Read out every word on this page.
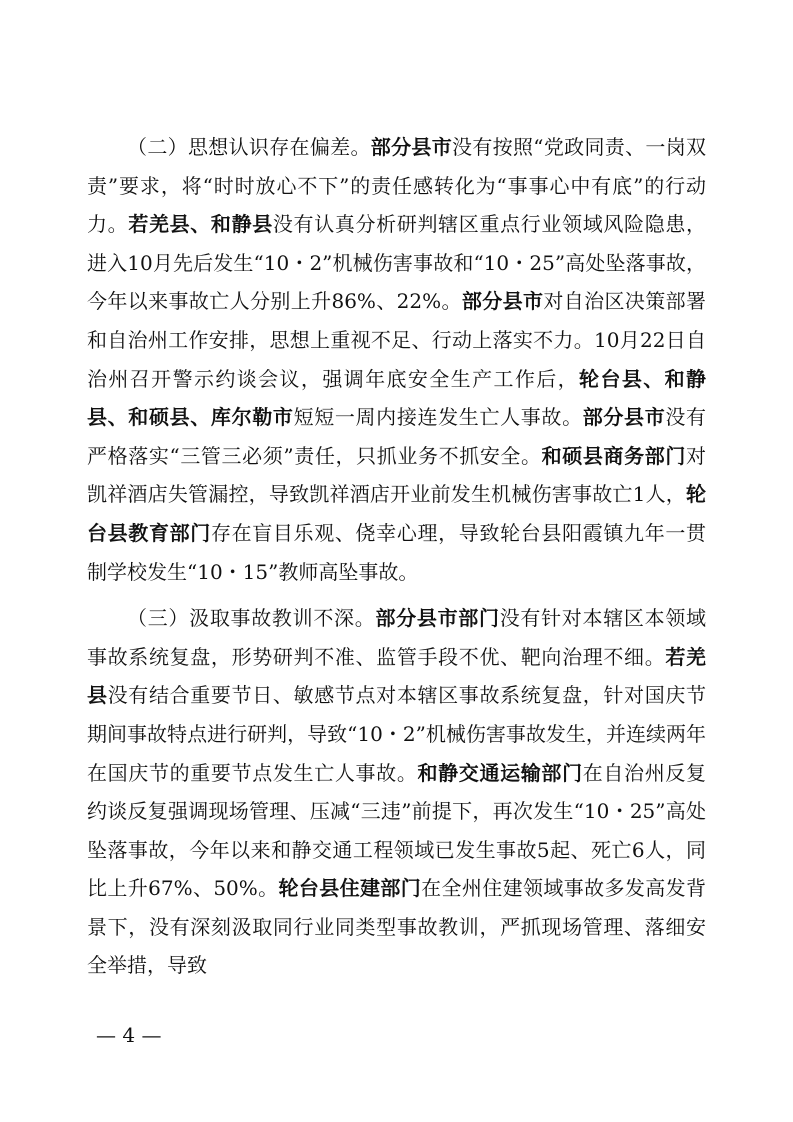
（二）思想认识存在偏差。部分县市没有按照“党政同责、一岗双责”要求，将“时时放心不下”的责任感转化为“事事心中有底”的行动力。若羌县、和静县没有认真分析研判辖区重点行业领域风险隐患，进入10月先后发生“10・2”机械伤害事故和“10・25”高处坠落事故，今年以来事故亡人分别上升86%、22%。部分县市对自治区决策部署和自治州工作安排，思想上重视不足、行动上落实不力。10月22日自治州召开警示约谈会议，强调年底安全生产工作后，轮台县、和静县、和硕县、库尔勒市短短一周内接连发生亡人事故。部分县市没有严格落实“三管三必须”责任，只抓业务不抓安全。和硕县商务部门对凯祥酒店失管漏控，导致凯祥酒店开业前发生机械伤害事故亡1人，轮台县教育部门存在盲目乐观、侥幸心理，导致轮台县阳霞镇九年一贯制学校发生“10・15”教师高坠事故。

（三）汲取事故教训不深。部分县市部门没有针对本辖区本领域事故系统复盘，形势研判不准、监管手段不优、靶向治理不细。若羌县没有结合重要节日、敏感节点对本辖区事故系统复盘，针对国庆节期间事故特点进行研判，导致“10・2”机械伤害事故发生，并连续两年在国庆节的重要节点发生亡人事故。和静交通运输部门在自治州反复约谈反复强调现场管理、压减“三违”前提下，再次发生“10・25”高处坠落事故，今年以来和静交通工程领域已发生事故5起、死亡6人，同比上升67%、50%。轮台县住建部门在全州住建领域事故多发高发背景下，没有深刻汲取同行业同类型事故教训，严抓现场管理、落细安全举措，导致

— 4 —
